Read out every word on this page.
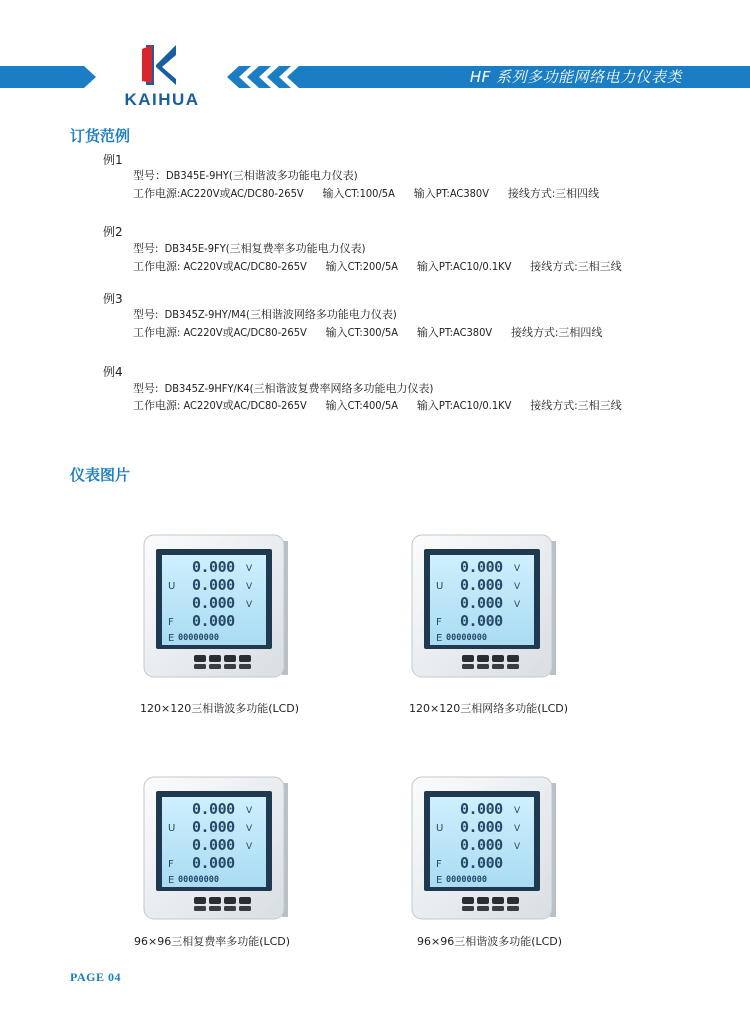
HF 系列多功能网络电力仪表类
KAIHUA
订货范例
例1
型号：DB345E-9HY(三相谐波多功能电力仪表)
工作电源:AC220V或AC/DC80-265V      输入CT:100/5A      输入PT:AC380V      接线方式:三相四线
例2
型号:  DB345E-9FY(三相复费率多功能电力仪表)
工作电源: AC220V或AC/DC80-265V      输入CT:200/5A      输入PT:AC10/0.1KV      接线方式:三相三线
例3
型号:  DB345Z-9HY/M4(三相谐波网络多功能电力仪表)
工作电源: AC220V或AC/DC80-265V      输入CT:300/5A      输入PT:AC380V      接线方式:三相四线
例4
型号:  DB345Z-9HFY/K4(三相谐波复费率网络多功能电力仪表)
工作电源: AC220V或AC/DC80-265V      输入CT:400/5A      输入PT:AC10/0.1KV      接线方式:三相三线
仪表图片
0.000 V
0.000 V
U
0.000 V
0.000
F
00000000
E
120×120三相谐波多功能(LCD)
0.000 V
0.000 V
U
0.000 V
0.000
F
00000000
E
120×120三相网络多功能(LCD)
0.000 V
0.000 V
U
0.000 V
0.000
F
00000000
E
96×96三相复费率多功能(LCD)
0.000 V
0.000 V
U
0.000 V
0.000
F
00000000
E
96×96三相谐波多功能(LCD)
PAGE 04
